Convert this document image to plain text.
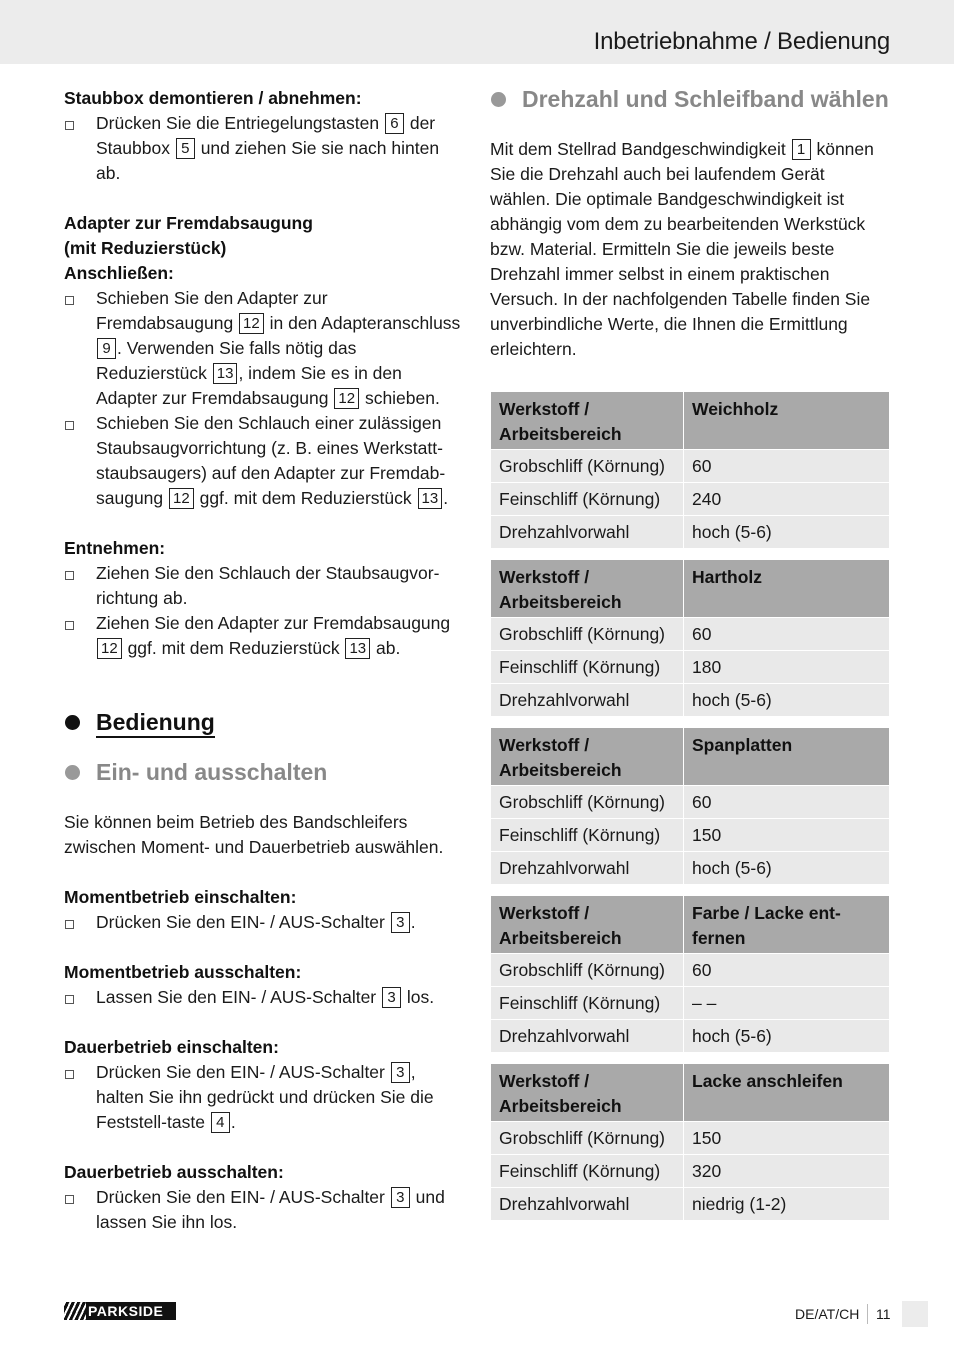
Inbetriebnahme / Bedienung
Staubbox demontieren / abnehmen:
Drücken Sie die Entriegelungstasten 6 der Staubbox 5 und ziehen Sie sie nach hinten ab.
Adapter zur Fremdabsaugung
(mit Reduzierstück)
Anschließen:
Schieben Sie den Adapter zur Fremdabsaugung 12 in den Adapteranschluss 9 . Verwenden Sie falls nötig das Reduzierstück 13 , indem Sie es in den Adapter zur Fremdabsaugung 12 schieben.
Schieben Sie den Schlauch einer zulässigen Staubsaugvorrichtung (z. B. eines Werkstatt-staubsaugers) auf den Adapter zur Fremdab-saugung 12 ggf. mit dem Reduzierstück 13 .
Entnehmen:
Ziehen Sie den Schlauch der Staubsaugvor-richtung ab.
Ziehen Sie den Adapter zur Fremdabsaugung 12 ggf. mit dem Reduzierstück 13 ab.
Bedienung
Ein- und ausschalten
Sie können beim Betrieb des Bandschleifers zwischen Moment- und Dauerbetrieb auswählen.
Momentbetrieb einschalten:
Drücken Sie den EIN- / AUS-Schalter 3 .
Momentbetrieb ausschalten:
Lassen Sie den EIN- / AUS-Schalter 3 los.
Dauerbetrieb einschalten:
Drücken Sie den EIN- / AUS-Schalter 3 , halten Sie ihn gedrückt und drücken Sie die Feststell-taste 4 .
Dauerbetrieb ausschalten:
Drücken Sie den EIN- / AUS-Schalter 3 und lassen Sie ihn los.
Drehzahl und Schleifband wählen
Mit dem Stellrad Bandgeschwindigkeit 1 können Sie die Drehzahl auch bei laufendem Gerät wählen. Die optimale Bandgeschwindigkeit ist abhängig vom dem zu bearbeitenden Werkstück bzw. Material. Ermitteln Sie die jeweils beste Drehzahl immer selbst in einem praktischen Versuch. In der nachfolgenden Tabelle finden Sie unverbindliche Werte, die Ihnen die Ermittlung erleichtern.
Werkstoff / Arbeitsbereich	Weichholz
Grobschliff (Körnung)	60
Feinschliff (Körnung)	240
Drehzahlvorwahl	hoch (5-6)
Werkstoff / Arbeitsbereich	Hartholz
Grobschliff (Körnung)	60
Feinschliff (Körnung)	180
Drehzahlvorwahl	hoch (5-6)
Werkstoff / Arbeitsbereich	Spanplatten
Grobschliff (Körnung)	60
Feinschliff (Körnung)	150
Drehzahlvorwahl	hoch (5-6)
Werkstoff / Arbeitsbereich	Farbe / Lacke ent-fernen
Grobschliff (Körnung)	60
Feinschliff (Körnung)	– –
Drehzahlvorwahl	hoch (5-6)
Werkstoff / Arbeitsbereich	Lacke anschleifen
Grobschliff (Körnung)	150
Feinschliff (Körnung)	320
Drehzahlvorwahl	niedrig (1-2)
PARKSIDE	DE/AT/CH 11
